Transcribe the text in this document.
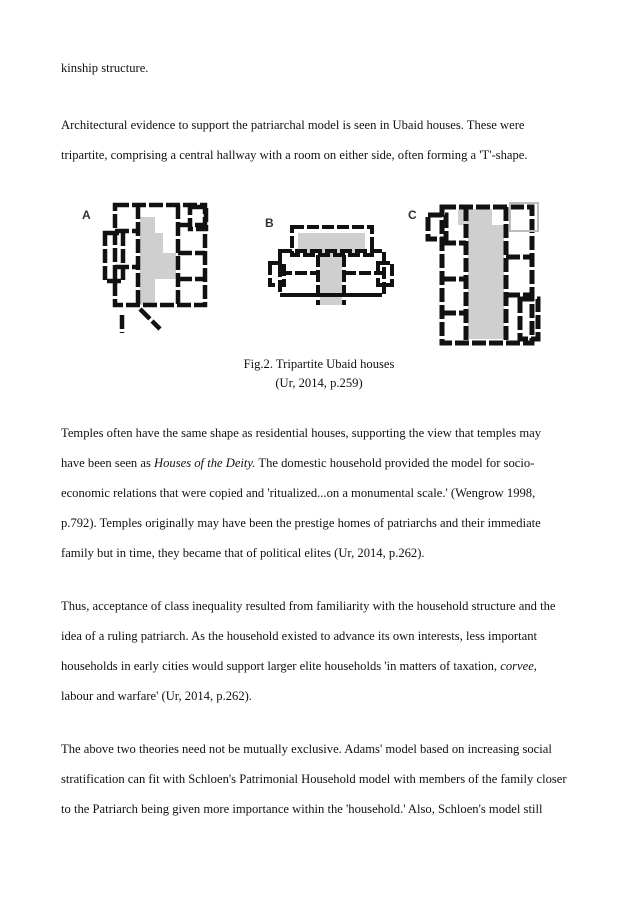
kinship structure.
Architectural evidence to support the patriarchal model is seen in Ubaid houses. These were
tripartite, comprising a central hallway with a room on either side, often forming a 'T'-shape.
A
B
C
Fig.2. Tripartite Ubaid houses
(Ur, 2014, p.259)
Temples often have the same shape as residential houses, supporting the view that temples may
have been seen as Houses of the Deity. The domestic household provided the model for socio-
economic relations that were copied and 'ritualized...on a monumental scale.' (Wengrow 1998,
p.792). Temples originally may have been the prestige homes of patriarchs and their immediate
family but in time, they became that of political elites (Ur, 2014, p.262).
Thus, acceptance of class inequality resulted from familiarity with the household structure and the
idea of a ruling patriarch. As the household existed to advance its own interests, less important
households in early cities would support larger elite households 'in matters of taxation, corvee,
labour and warfare' (Ur, 2014, p.262).
The above two theories need not be mutually exclusive. Adams' model based on increasing social
stratification can fit with Schloen's Patrimonial Household model with members of the family closer
to the Patriarch being given more importance within the 'household.' Also, Schloen's model still
